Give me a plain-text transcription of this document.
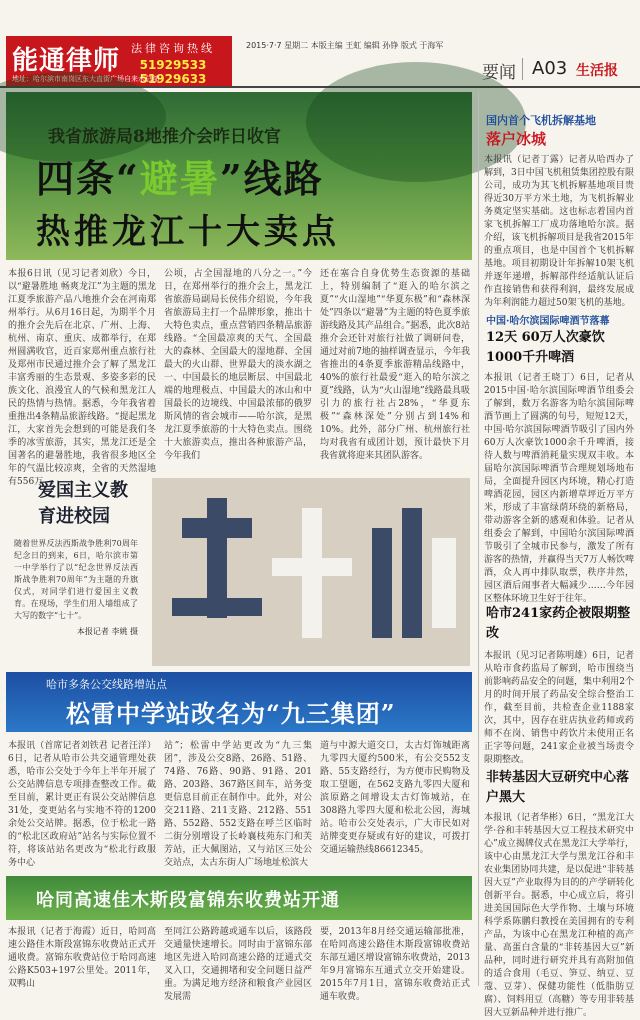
能通律师 法律咨询热线
51929533 51929633
地址：哈尔滨市南岗区东大直街广场自来水总部
2015·7·7 星期二 本版主编 王虹 编辑 孙铮 版式 于海军
要闻 A03 生活报
我省旅游局8地推介会昨日收官
四条“避暑”线路
热推龙江十大卖点
本报6日讯（见习记者刘欣）今日，以“避暑胜地 畅爽龙江”为主题的黑龙江夏季旅游产品八地推介会在河南郑州举行。从6月16日起，为期半个月的推介会先后在北京、广州、上海、杭州、南京、重庆、成都举行，在郑州圆满收官，近百家郑州重点旅行社及郑州市民通过推介会了解了黑龙江丰富秀丽的生态景观、多姿多彩的民族文化、浪漫宜人的气候和黑龙江人民的热情与热情。据悉，今年我省着重推出4条精品旅游线路。“提起黑龙江，大家首先会想到的可能是我们冬季的冰雪旅游，其实，黑龙江还是全国著名的避暑胜地，我省很多地区全年的气温比较凉爽，全省的天然湿地有556万
公顷，占全国湿地的八分之一。”今日，在郑州举行的推介会上，黑龙江省旅游局副局长侯伟介绍说，今年我省旅游局主打一个品牌形象，推出十大特色卖点，重点营销四条精品旅游线路。“全国最凉爽的天气、全国最大的森林、全国最大的湿地群、全国最大的火山群、世界最大的淡水湖之一、中国最长的地层断层、中国最北端的地理极点、中国最大的冰山和中国最长的边境线、中国最浓郁的俄罗斯风情的省会城市——哈尔滨，是黑龙江夏季旅游的十大特色卖点。围绕十大旅游卖点，推出各种旅游产品，今年我们
还在塞合自身优势生态资源的基础上，特别编制了“逛入的哈尔滨之夏”“火山湿地”“华夏东极”和“森林深处”四条以“避暑”为主题的特色夏季旅游线路及其产品组合。”据悉，此次8站推介会还针对旅行社做了调研问卷，通过对前7地的抽样调查显示，今年我省推出的4条夏季旅游精品线路中，40%的旅行社最爱“逛入的哈尔滨之夏”线路，认为“火山湿地”线路最具吸引力的旅行社占28%，“华夏东极”“森林深处”分别占到14%和10%。此外，部分广州、杭州旅行社均对我省有成团计划，预计最快下月我省就将迎来其团队游客。
爱国主义教育进校园
随着世界反法西斯战争胜利70周年纪念日的到来，6日，哈尔滨市第一中学举行了以“纪念世界反法西斯战争胜利70周年”为主题的升旗仪式，对同学们进行爱国主义教育。在现场，学生们用人墙组成了大写的数字“七十”。
本报记者 李姚 摄
哈市多条公交线路增站点
松雷中学站改名为“九三集团”
本报讯（首席记者刘铁君 记者汪洋）6日，记者从哈市公共交通管理处获悉，哈市公交处于今年上半年开展了公交站牌信息专项排查整改工作。截至目前，累计更正有误公交站牌信息31处，变更站名与实地不符的1200余处公交站牌。据悉，位于松北一路的“松北区政府站”站名与实际位置不符，将该站站名更改为“松北行政服务中心
站”；松雷中学站更改为“九三集团”，涉及公交8路、26路、51路、74路、76路、90路、91路、201路、203路、367路区间车，站务变更信息目前正在制作中。此外，对公交211路、211支路、212路、551路、552路、552支路在呼兰区临时二街分别增设了长岭襄枝苑东门和芙芳站，正大佩图站，又与站区三处公交站点，太古东街人广场地址松滨大
道与中源大道交口，太古灯饰城距离九零四大厦约500米，有公交552支路、55支路经行，为方便市民购物及取工望题，在562支路九零四大厦和滨原路之间增设太古灯饰城站，在308路九零四大厦和松北公园，海城站。哈市公交处表示，广大市民如对站牌变更存疑或有好的建议，可拨打交通运输热线86612345。
哈同高速佳木斯段富锦东收费站开通
本报讯（记者于海霞）近日，哈同高速公路佳木斯段富锦东收费站正式开通收费。富锦东收费站位于哈同高速公路K503+197公里处。2011年，双鸭山
至同江公路跨越或通车以后，该路段交通量快速增长。同时由于富锦东部地区先进入哈同高速公路的迂通式交叉入口，交通拥堵和安全问题日益严重。为满足地方经济和粮食产业园区发展需
要，2013年8月经交通运输部批准，在哈同高速公路佳木斯段富锦收费站东部互通区增设富锦东收费站，2013年9月富锦东互通式立交开始建设。2015年7月1日，富锦东收费站正式通车收费。
国内首个飞机拆解基地
落户冰城
本报讯（记者丁露）记者从哈西办了解到，3日中国飞机租赁集团控股有限公司，成功为其飞机拆解基地项目贵得近30万平方米土地，为飞机拆解业务奠定坚实基础。这也标志着国内首家飞机拆解工厂成功落地哈尔滨。据介绍，该飞机拆解项目是我省2015年的重点项目，也是中国首个飞机拆解基地。项目初期设计年拆解10架飞机并逐年递增，拆解部件经适航认证后作直接销售和获得利润，最终发展成为年利润能力超过50架飞机的基地。
中国·哈尔滨国际啤酒节落幕
12天 60万人次豪饮1000千升啤酒
本报讯（记者王晓丁）6日，记者从2015中国·哈尔滨国际啤酒节组委会了解到，数万名游客为哈尔滨国际啤酒节画上了圆满的句号，短短12天，中国·哈尔滨国际啤酒节吸引了国内外60万人次豪饮1000余千升啤酒，接待人数与啤酒消耗量实现双丰收。本届哈尔滨国际啤酒节合理规划场地布局，全面提升园区内环境，精心打造啤酒花园，园区内新增草坪近万平方米，形成了丰富绿荫环绕的新格局，带动游客全新的感观和体验。记者从组委会了解到，中国哈尔滨国际啤酒节吸引了全城市民参与，激发了所有游客的热情，并赢得当天7万人畅饮啤酒，众人再中排队取票，秩序井然，园区酒后闹事者大幅减少……今年园区整体环境卫生好于往年。
哈市241家药企被限期整改
本报讯（见习记者陈明雄）6日，记者从哈市食药监局了解到，哈市围绕当前影响药品安全的问题，集中利用2个月的时间开展了药品安全综合整治工作，截至目前，共检查企业1188家次，其中，因存在驻店执业药师或药师不在岗、销售中药饮片未使用正名正字等问题，241家企业被当场责令限期整改。
非转基因大豆研究中心落户黑大
本报讯（记者华彬）6日，“黑龙江大学·谷和丰转基因大豆工程技术研究中心”成立揭牌仪式在黑龙江大学举行，该中心由黑龙江大学与黑龙江谷和丰农业集团协同共建，是以促进“非转基因大豆”产业取得为目的的产学研转化创新平台。据悉，中心成立后，将引进美国国际色大学作物、土壤与环境科学系陈鹏归教授在美国拥有的专利产品，为该中心在黑龙江种植的高产量、高蛋白含量的“非转基因大豆”新品种，同时进行研究并具有高附加值的适合食用（毛豆、笋豆、纳豆、豆蔻、豆芽）、保健功能性（低脂肪豆腐）、饲料用豆（高糖）等专用非转基因大豆新品种并进行推广。
